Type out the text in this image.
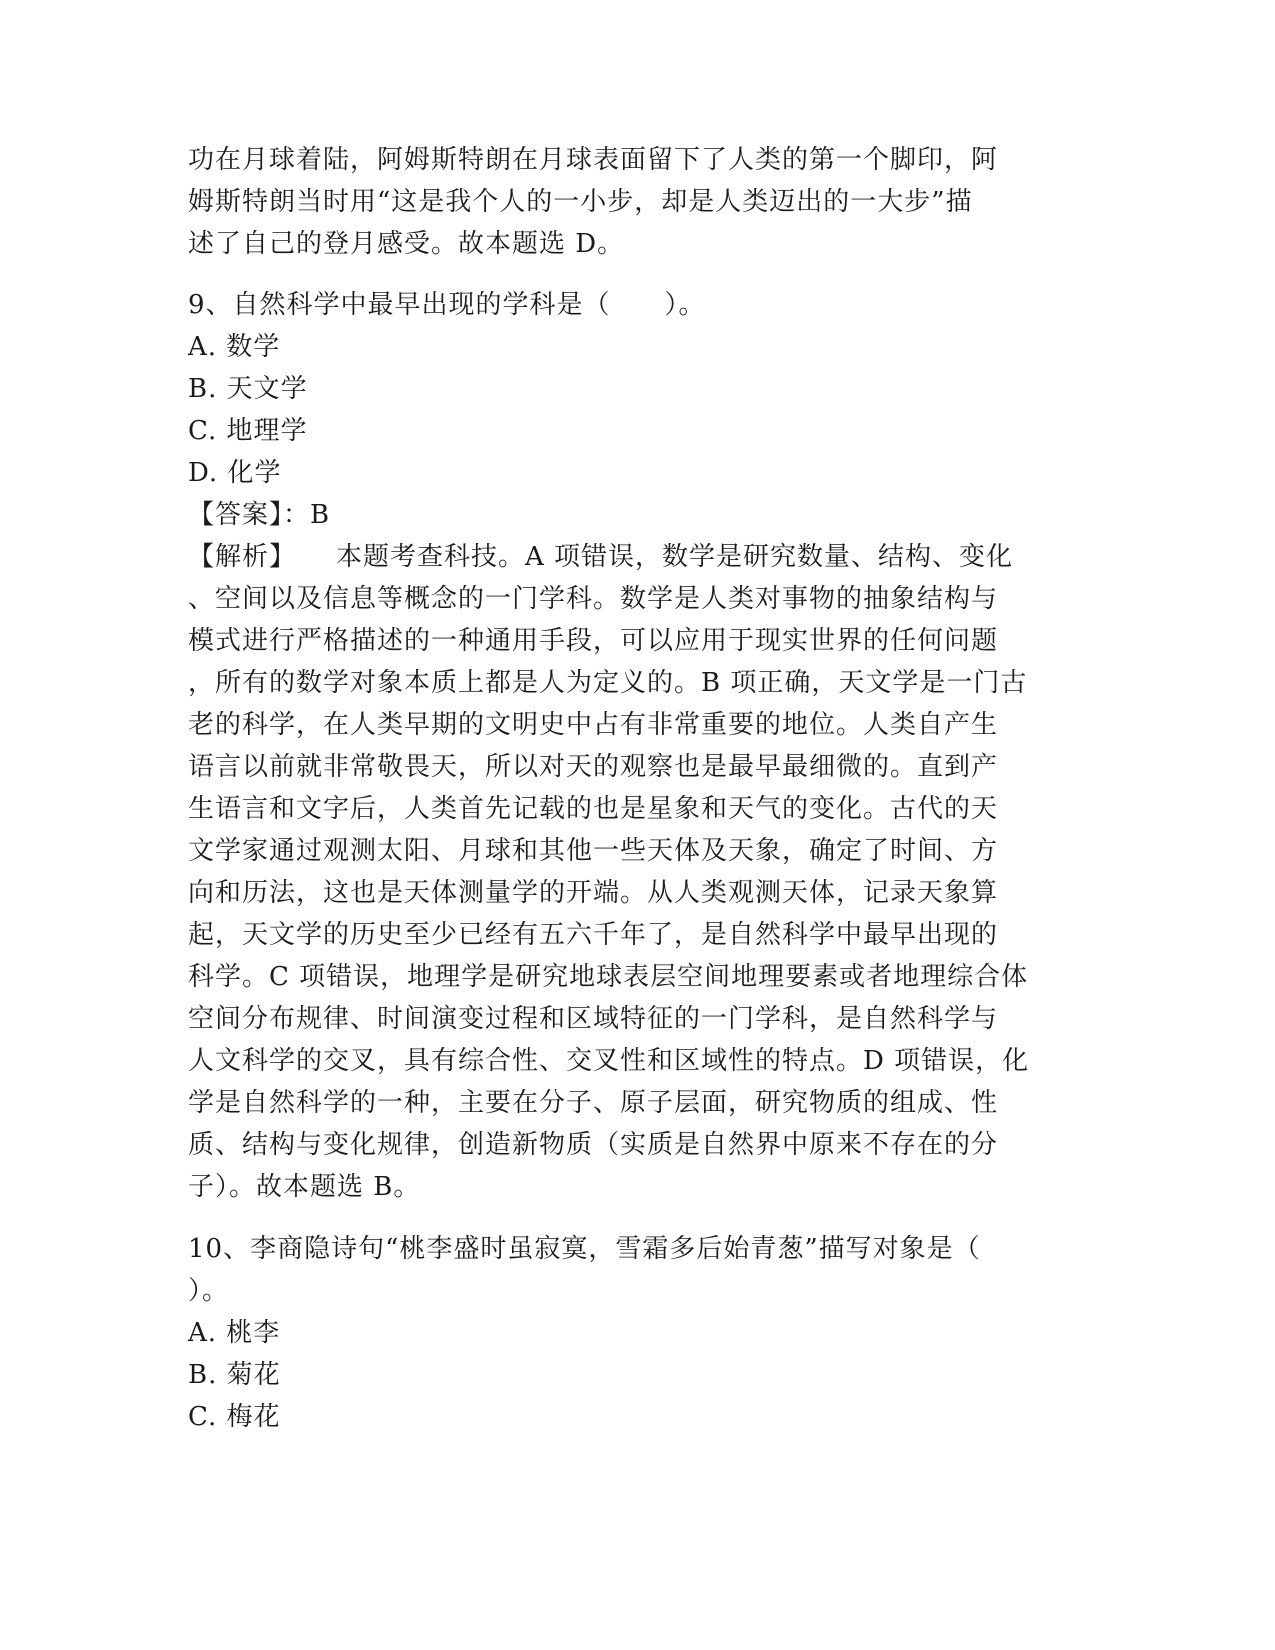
功在月球着陆，阿姆斯特朗在月球表面留下了人类的第一个脚印，阿
姆斯特朗当时用“这是我个人的一小步，却是人类迈出的一大步”描
述了自己的登月感受。故本题选 D。
9、自然科学中最早出现的学科是（　　）。
A. 数学
B. 天文学
C. 地理学
D. 化学
【答案】：B
【解析】 本题考查科技。A 项错误，数学是研究数量、结构、变化
、空间以及信息等概念的一门学科。数学是人类对事物的抽象结构与
模式进行严格描述的一种通用手段，可以应用于现实世界的任何问题
，所有的数学对象本质上都是人为定义的。B 项正确，天文学是一门古
老的科学，在人类早期的文明史中占有非常重要的地位。人类自产生
语言以前就非常敬畏天，所以对天的观察也是最早最细微的。直到产
生语言和文字后，人类首先记载的也是星象和天气的变化。古代的天
文学家通过观测太阳、月球和其他一些天体及天象，确定了时间、方
向和历法，这也是天体测量学的开端。从人类观测天体，记录天象算
起，天文学的历史至少已经有五六千年了，是自然科学中最早出现的
科学。C 项错误，地理学是研究地球表层空间地理要素或者地理综合体
空间分布规律、时间演变过程和区域特征的一门学科，是自然科学与
人文科学的交叉，具有综合性、交叉性和区域性的特点。D 项错误，化
学是自然科学的一种，主要在分子、原子层面，研究物质的组成、性
质、结构与变化规律，创造新物质（实质是自然界中原来不存在的分
子）。故本题选 B。
10、李商隐诗句“桃李盛时虽寂寞，雪霜多后始青葱”描写对象是（
）。
A. 桃李
B. 菊花
C. 梅花
